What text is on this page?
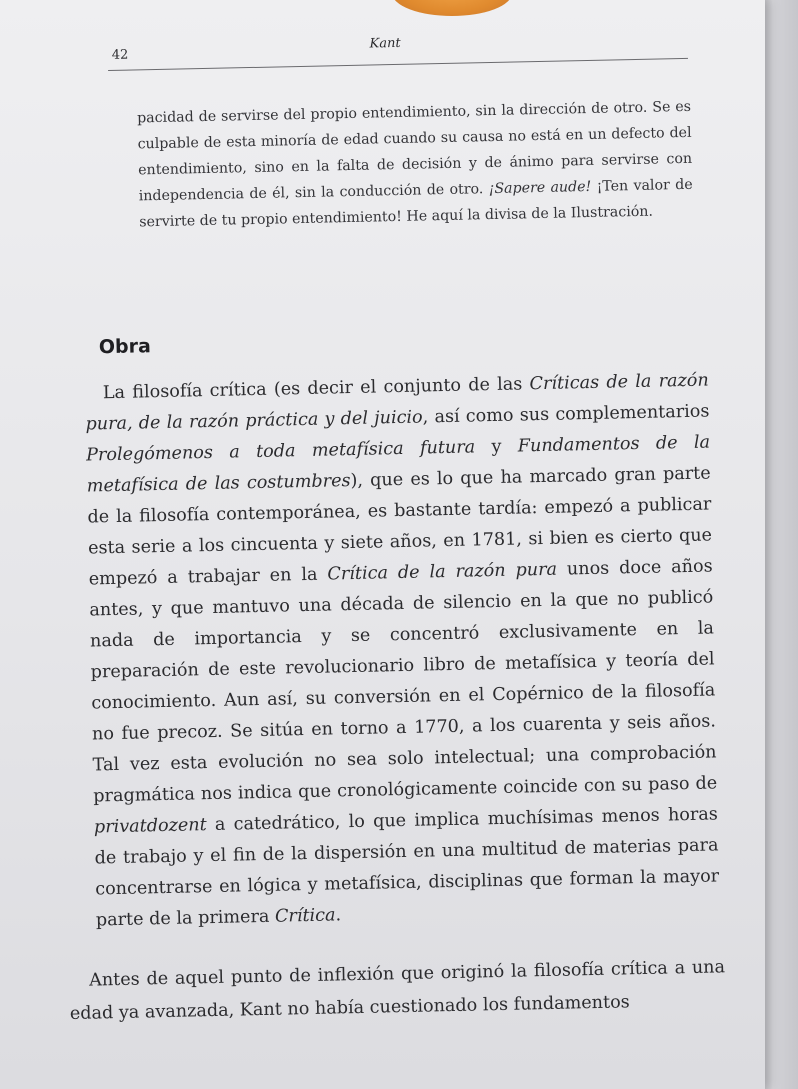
42
Kant

pacidad de servirse del propio entendimiento, sin la dirección de otro. Se es culpable de esta minoría de edad cuando su causa no está en un defecto del entendimiento, sino en la falta de decisión y de ánimo para servirse con independencia de él, sin la conducción de otro. ¡Sapere aude! ¡Ten valor de servirte de tu propio entendimiento! He aquí la divisa de la Ilustración.

Obra

La filosofía crítica (es decir el conjunto de las Críticas de la razón pura, de la razón práctica y del juicio, así como sus complementarios Prolegómenos a toda metafísica futura y Fundamentos de la metafísica de las costumbres), que es lo que ha marcado gran parte de la filosofía contemporánea, es bastante tardía: empezó a publicar esta serie a los cincuenta y siete años, en 1781, si bien es cierto que empezó a trabajar en la Crítica de la razón pura unos doce años antes, y que mantuvo una década de silencio en la que no publicó nada de importancia y se concentró exclusivamente en la preparación de este revolucionario libro de metafísica y teoría del conocimiento. Aun así, su conversión en el Copérnico de la filosofía no fue precoz. Se sitúa en torno a 1770, a los cuarenta y seis años. Tal vez esta evolución no sea solo intelectual; una comprobación pragmática nos indica que cronológicamente coincide con su paso de privatdozent a catedrático, lo que implica muchísimas menos horas de trabajo y el fin de la dispersión en una multitud de materias para concentrarse en lógica y metafísica, disciplinas que forman la mayor parte de la primera Crítica.

Antes de aquel punto de inflexión que originó la filosofía crítica a una edad ya avanzada, Kant no había cuestionado los fundamentos
